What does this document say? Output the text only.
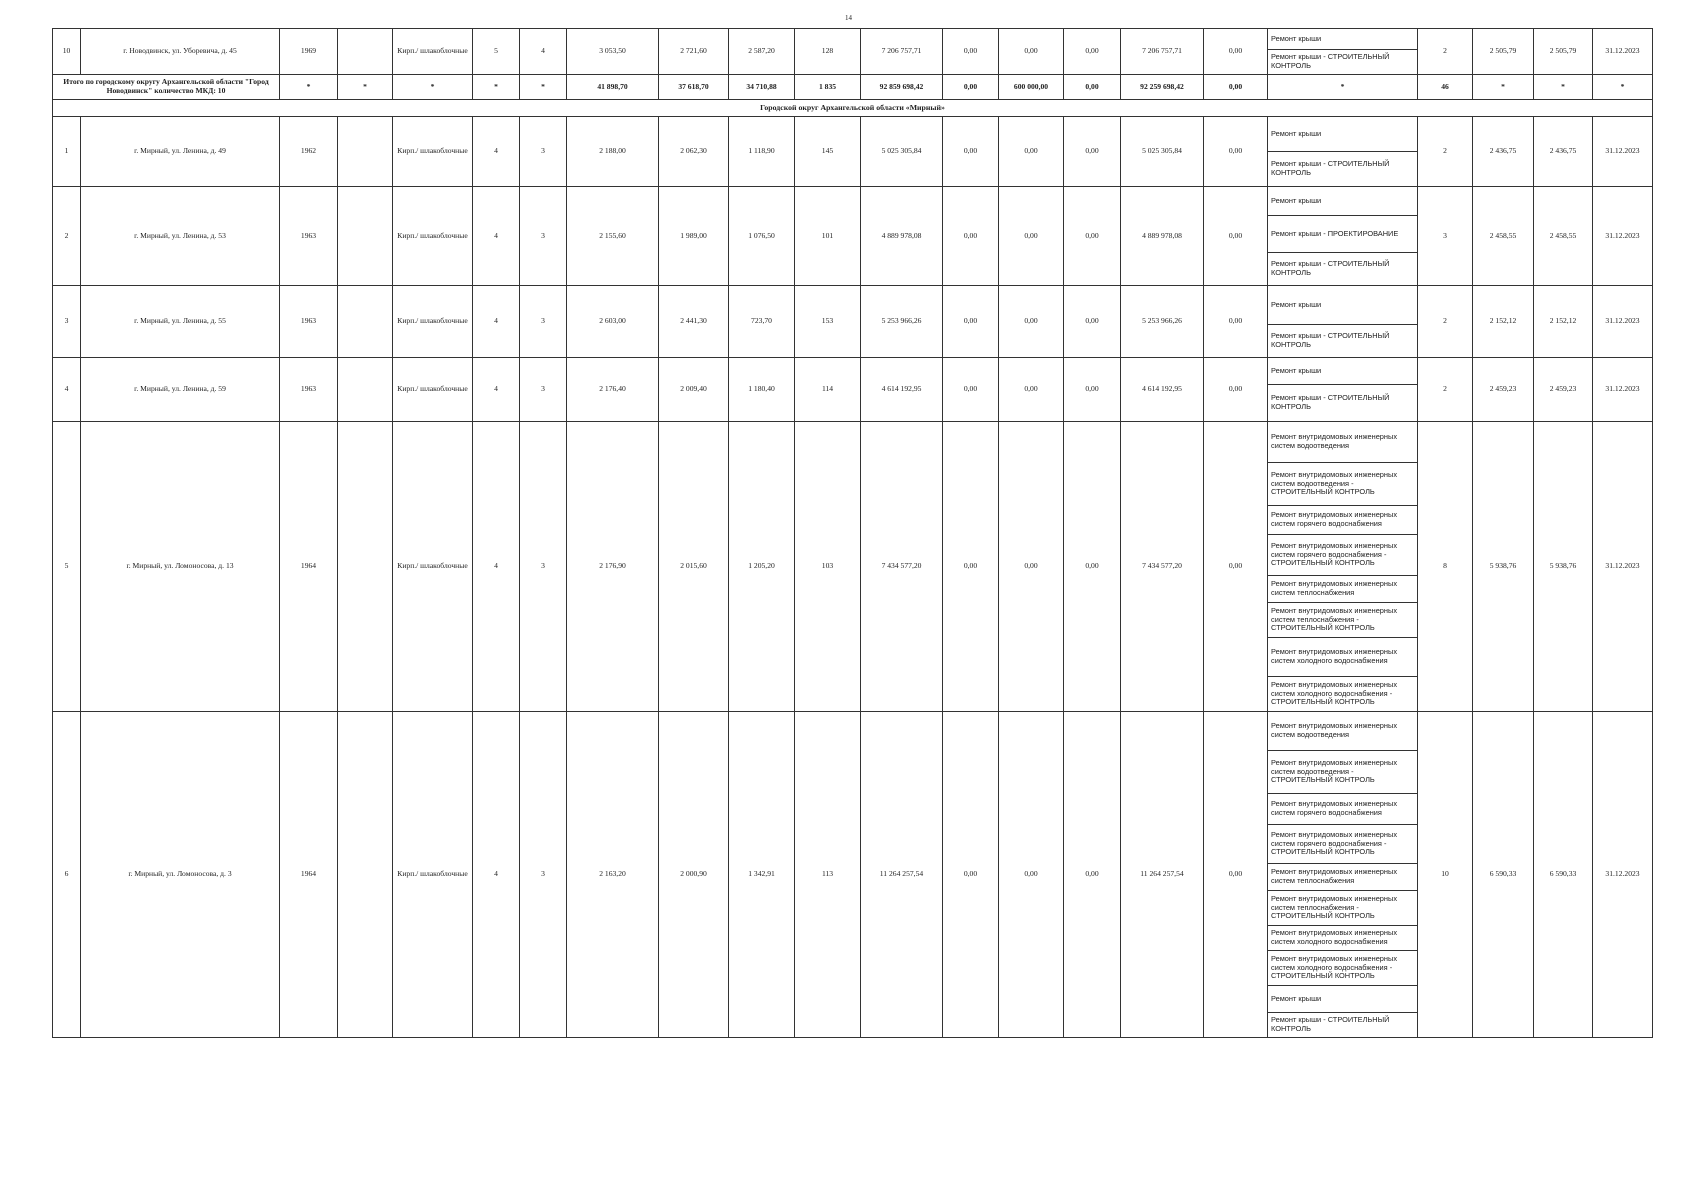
14
10	г. Новодвинск, ул. Уборевича, д. 45	1969		Кирп./ шлакоблочные	5	4	3 053,50	2 721,60	2 587,20	128	7 206 757,71	0,00	0,00	0,00	7 206 757,71	0,00	Ремонт крыши	2	2 505,79	2 505,79	31.12.2023
																	Ремонт крыши - СТРОИТЕЛЬНЫЙ КОНТРОЛЬ				
Итого по городскому округу Архангельской области "Город Новодвинск" количество МКД: 10		*	*	*	*	*	41 898,70	37 618,70	34 710,88	1 835	92 859 698,42	0,00	600 000,00	0,00	92 259 698,42	0,00	*	46	*	*	*
Городской округ Архангельской области «Мирный»																					
1	г. Мирный, ул. Ленина, д. 49	1962		Кирп./ шлакоблочные	4	3	2 188,00	2 062,30	1 118,90	145	5 025 305,84	0,00	0,00	0,00	5 025 305,84	0,00	Ремонт крыши	2	2 436,75	2 436,75	31.12.2023
																	Ремонт крыши - СТРОИТЕЛЬНЫЙ КОНТРОЛЬ				
2	г. Мирный, ул. Ленина, д. 53	1963		Кирп./ шлакоблочные	4	3	2 155,60	1 989,00	1 076,50	101	4 889 978,08	0,00	0,00	0,00	4 889 978,08	0,00	Ремонт крыши	3	2 458,55	2 458,55	31.12.2023
																	Ремонт крыши - ПРОЕКТИРОВАНИЕ				
																	Ремонт крыши - СТРОИТЕЛЬНЫЙ КОНТРОЛЬ				
3	г. Мирный, ул. Ленина, д. 55	1963		Кирп./ шлакоблочные	4	3	2 603,00	2 441,30	723,70	153	5 253 966,26	0,00	0,00	0,00	5 253 966,26	0,00	Ремонт крыши	2	2 152,12	2 152,12	31.12.2023
																	Ремонт крыши - СТРОИТЕЛЬНЫЙ КОНТРОЛЬ				
4	г. Мирный, ул. Ленина, д. 59	1963		Кирп./ шлакоблочные	4	3	2 176,40	2 009,40	1 180,40	114	4 614 192,95	0,00	0,00	0,00	4 614 192,95	0,00	Ремонт крыши	2	2 459,23	2 459,23	31.12.2023
																	Ремонт крыши - СТРОИТЕЛЬНЫЙ КОНТРОЛЬ				
5	г. Мирный, ул. Ломоносова, д. 13	1964		Кирп./ шлакоблочные	4	3	2 176,90	2 015,60	1 205,20	103	7 434 577,20	0,00	0,00	0,00	7 434 577,20	0,00	Ремонт внутридомовых инженерных систем водоотведения	8	5 938,76	5 938,76	31.12.2023
																	Ремонт внутридомовых инженерных систем водоотведения - СТРОИТЕЛЬНЫЙ КОНТРОЛЬ				
																	Ремонт внутридомовых инженерных систем горячего водоснабжения				
																	Ремонт внутридомовых инженерных систем горячего водоснабжения - СТРОИТЕЛЬНЫЙ КОНТРОЛЬ				
																	Ремонт внутридомовых инженерных систем теплоснабжения				
																	Ремонт внутридомовых инженерных систем теплоснабжения - СТРОИТЕЛЬНЫЙ КОНТРОЛЬ				
																	Ремонт внутридомовых инженерных систем холодного водоснабжения				
																	Ремонт внутридомовых инженерных систем холодного водоснабжения - СТРОИТЕЛЬНЫЙ КОНТРОЛЬ				
6	г. Мирный, ул. Ломоносова, д. 3	1964		Кирп./ шлакоблочные	4	3	2 163,20	2 000,90	1 342,91	113	11 264 257,54	0,00	0,00	0,00	11 264 257,54	0,00	Ремонт внутридомовых инженерных систем водоотведения	10	6 590,33	6 590,33	31.12.2023
																	Ремонт внутридомовых инженерных систем водоотведения - СТРОИТЕЛЬНЫЙ КОНТРОЛЬ				
																	Ремонт внутридомовых инженерных систем горячего водоснабжения				
																	Ремонт внутридомовых инженерных систем горячего водоснабжения - СТРОИТЕЛЬНЫЙ КОНТРОЛЬ				
																	Ремонт внутридомовых инженерных систем теплоснабжения				
																	Ремонт внутридомовых инженерных систем теплоснабжения - СТРОИТЕЛЬНЫЙ КОНТРОЛЬ				
																	Ремонт внутридомовых инженерных систем холодного водоснабжения				
																	Ремонт внутридомовых инженерных систем холодного водоснабжения - СТРОИТЕЛЬНЫЙ КОНТРОЛЬ				
																	Ремонт крыши				
																	Ремонт крыши - СТРОИТЕЛЬНЫЙ КОНТРОЛЬ				
